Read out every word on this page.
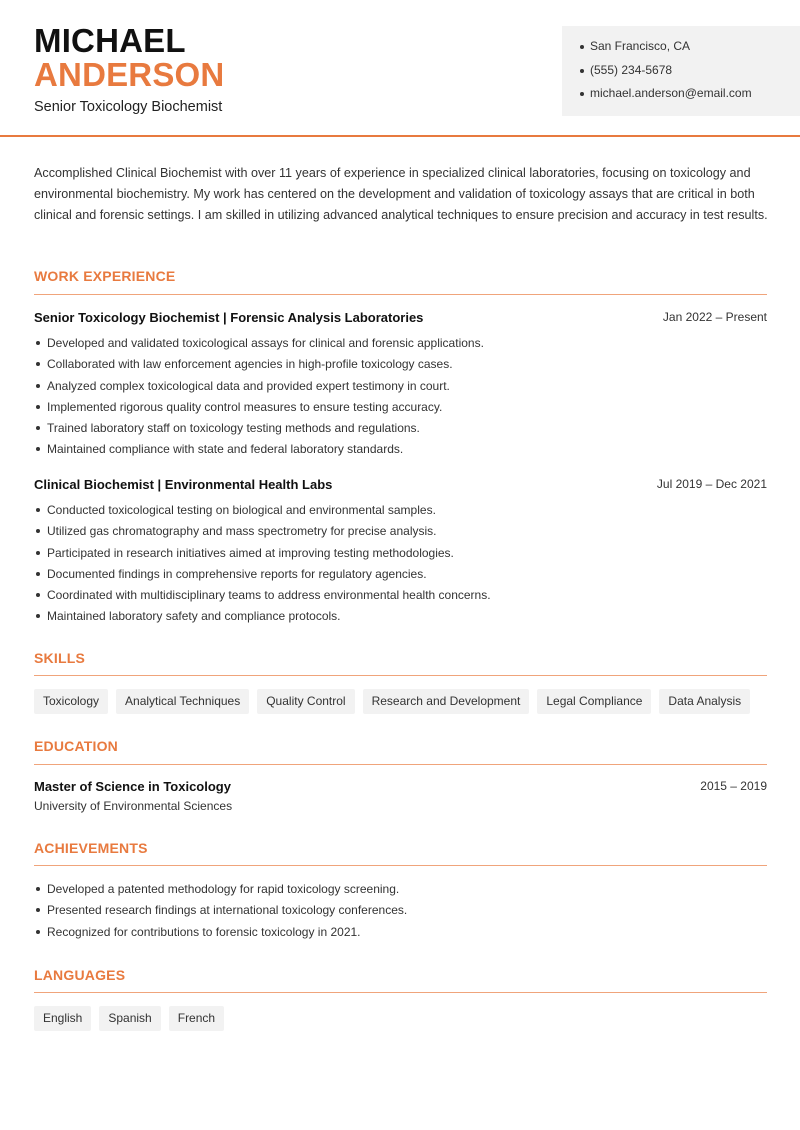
MICHAEL
ANDERSON
Senior Toxicology Biochemist
San Francisco, CA
(555) 234-5678
michael.anderson@email.com

Accomplished Clinical Biochemist with over 11 years of experience in specialized clinical laboratories, focusing on toxicology and environmental biochemistry. My work has centered on the development and validation of toxicology assays that are critical in both clinical and forensic settings. I am skilled in utilizing advanced analytical techniques to ensure precision and accuracy in test results.

WORK EXPERIENCE
Senior Toxicology Biochemist | Forensic Analysis Laboratories	Jan 2022 – Present
Developed and validated toxicological assays for clinical and forensic applications.
Collaborated with law enforcement agencies in high-profile toxicology cases.
Analyzed complex toxicological data and provided expert testimony in court.
Implemented rigorous quality control measures to ensure testing accuracy.
Trained laboratory staff on toxicology testing methods and regulations.
Maintained compliance with state and federal laboratory standards.
Clinical Biochemist | Environmental Health Labs	Jul 2019 – Dec 2021
Conducted toxicological testing on biological and environmental samples.
Utilized gas chromatography and mass spectrometry for precise analysis.
Participated in research initiatives aimed at improving testing methodologies.
Documented findings in comprehensive reports for regulatory agencies.
Coordinated with multidisciplinary teams to address environmental health concerns.
Maintained laboratory safety and compliance protocols.
SKILLS
Toxicology	Analytical Techniques	Quality Control	Research and Development	Legal Compliance	Data Analysis
EDUCATION
Master of Science in Toxicology	2015 – 2019
University of Environmental Sciences
ACHIEVEMENTS
Developed a patented methodology for rapid toxicology screening.
Presented research findings at international toxicology conferences.
Recognized for contributions to forensic toxicology in 2021.
LANGUAGES
English	Spanish	French
